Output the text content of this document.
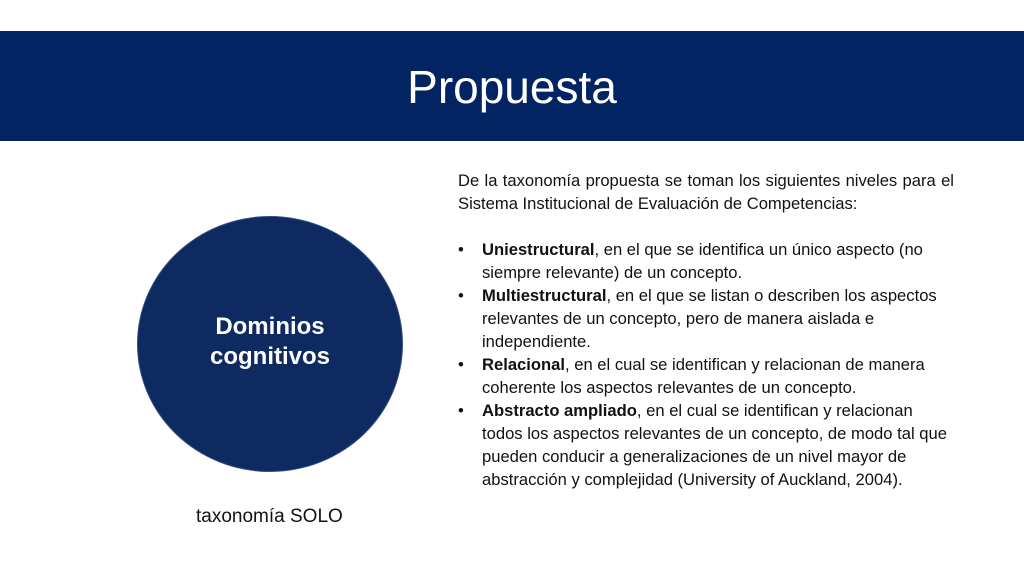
Propuesta
Dominios
cognitivos
taxonomía SOLO

De la taxonomía propuesta se toman los siguientes niveles para el Sistema Institucional de Evaluación de Competencias:

• Uniestructural, en el que se identifica un único aspecto (no siempre relevante) de un concepto.
• Multiestructural, en el que se listan o describen los aspectos relevantes de un concepto, pero de manera aislada e independiente.
• Relacional, en el cual se identifican y relacionan de manera coherente los aspectos relevantes de un concepto.
• Abstracto ampliado, en el cual se identifican y relacionan todos los aspectos relevantes de un concepto, de modo tal que pueden conducir a generalizaciones de un nivel mayor de abstracción y complejidad (University of Auckland, 2004).
